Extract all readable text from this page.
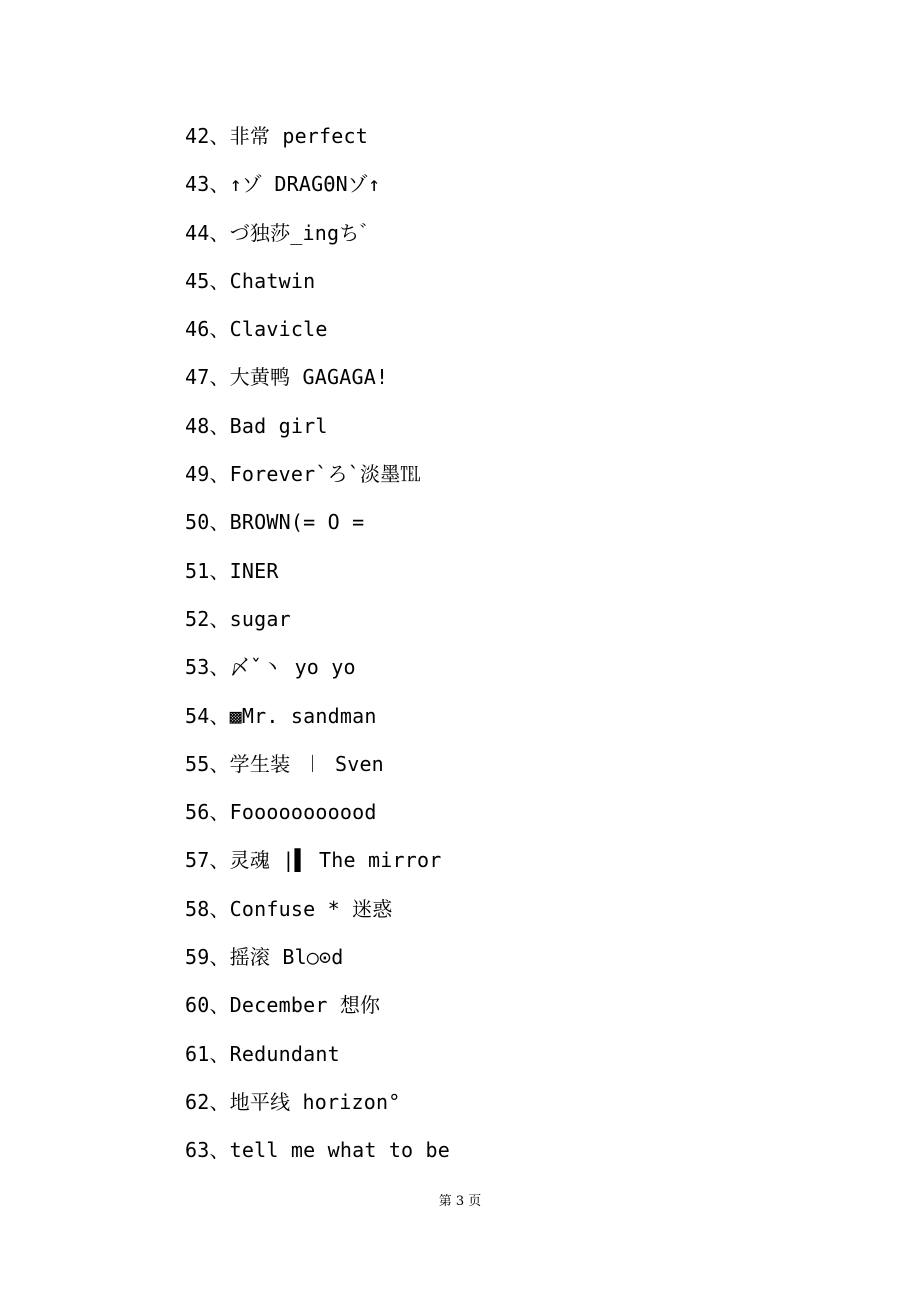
42、非常 perfect
43、↑ゾ DRAGΘNゾ↑
44、づ独莎_ingち゛
45、Chatwin
46、Clavicle
47、大黄鸭 GAGAGA!
48、Bad girl
49、Forever`ろ`淡墨℡
50、BROWN(= O =
51、INER
52、sugar
53、〆ˇ丶 yo yo
54、▩Mr. sandman
55、学生装 ︱ Sven
56、Fooooooooood
57、灵魂 |▌ The mirror
58、Confuse * 迷惑
59、摇滚 Bl○⊙d
60、December 想你
61、Redundant
62、地平线 horizon°
63、tell me what to be
第 3 页
